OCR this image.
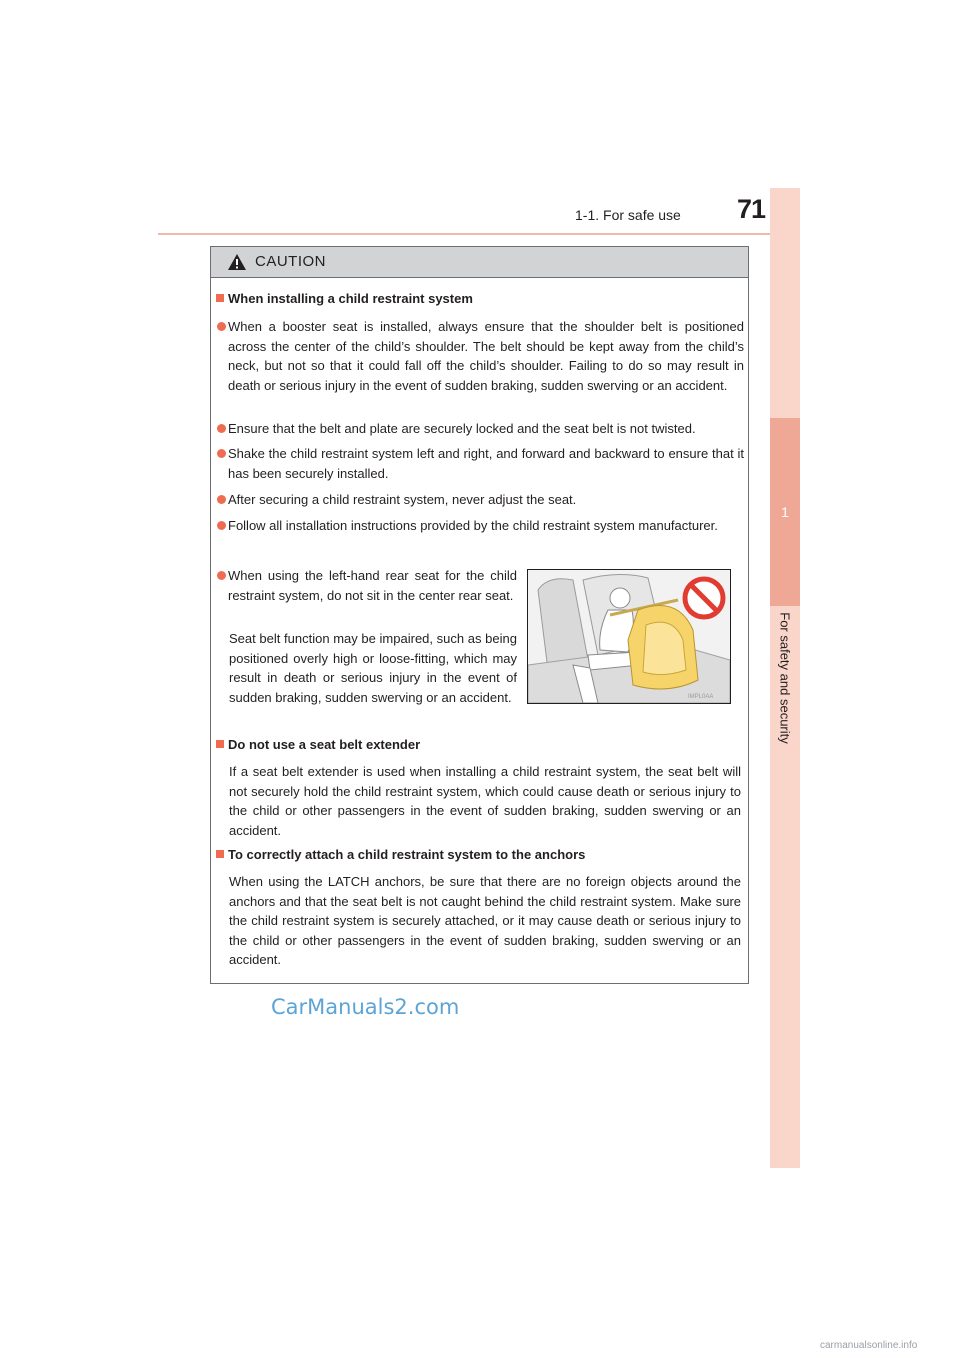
1-1. For safe use 71
1
For safety and security
CAUTION
When installing a child restraint system
When a booster seat is installed, always ensure that the shoulder belt is positioned across the center of the child’s shoulder. The belt should be kept away from the child’s neck, but not so that it could fall off the child’s shoulder. Failing to do so may result in death or serious injury in the event of sudden braking, sudden swerving or an accident.
Ensure that the belt and plate are securely locked and the seat belt is not twisted.
Shake the child restraint system left and right, and forward and backward to ensure that it has been securely installed.
After securing a child restraint system, never adjust the seat.
Follow all installation instructions provided by the child restraint system manufacturer.
When using the left-hand rear seat for the child restraint system, do not sit in the center rear seat.
Seat belt function may be impaired, such as being positioned overly high or loose-fitting, which may result in death or serious injury in the event of sudden braking, sudden swerving or an accident.	IMPL0AA
Do not use a seat belt extender
If a seat belt extender is used when installing a child restraint system, the seat belt will not securely hold the child restraint system, which could cause death or serious injury to the child or other passengers in the event of sudden braking, sudden swerving or an accident.
To correctly attach a child restraint system to the anchors
When using the LATCH anchors, be sure that there are no foreign objects around the anchors and that the seat belt is not caught behind the child restraint system. Make sure the child restraint system is securely attached, or it may cause death or serious injury to the child or other passengers in the event of sudden braking, sudden swerving or an accident.
CarManuals2.com
carmanualsonline.info
